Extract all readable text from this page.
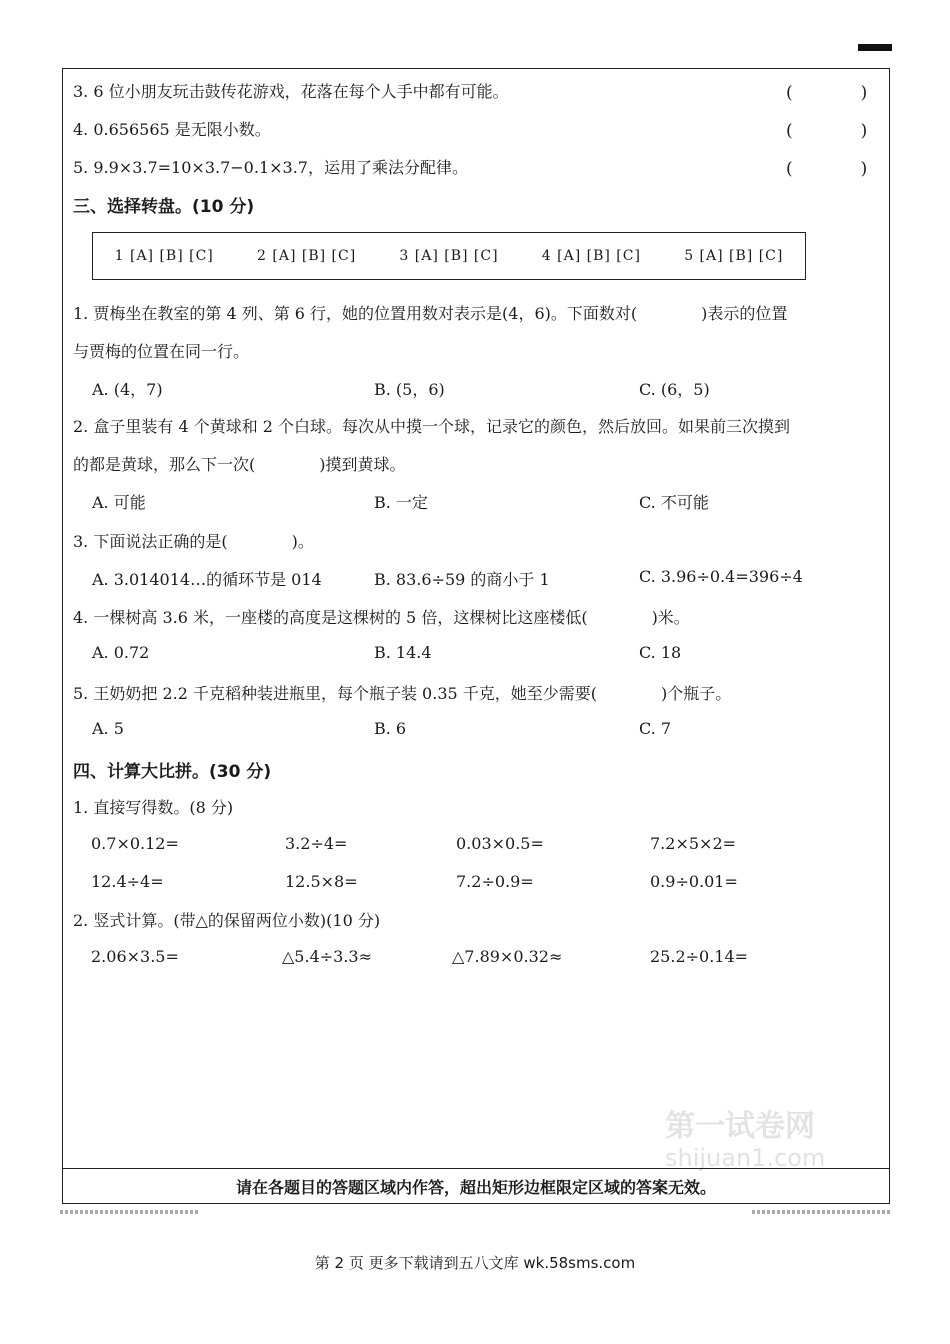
3. 6 位小朋友玩击鼓传花游戏，花落在每个人手中都有可能。	(　　　　)
4. 0.656565 是无限小数。	(　　　　)
5. 9.9×3.7=10×3.7−0.1×3.7，运用了乘法分配律。	(　　　　)
三、选择转盘。(10 分)
1 [A] [B] [C]	2 [A] [B] [C]	3 [A] [B] [C]	4 [A] [B] [C]	5 [A] [B] [C]
1. 贾梅坐在教室的第 4 列、第 6 行，她的位置用数对表示是(4，6)。下面数对(　　　　)表示的位置
与贾梅的位置在同一行。
A. (4，7)	B. (5，6)	C. (6，5)
2. 盒子里装有 4 个黄球和 2 个白球。每次从中摸一个球，记录它的颜色，然后放回。如果前三次摸到
的都是黄球，那么下一次(　　　　)摸到黄球。
A. 可能	B. 一定	C. 不可能
3. 下面说法正确的是(　　　　)。
A. 3.014014…的循环节是 014	B. 83.6÷59 的商小于 1	C. 3.96÷0.4=396÷4
4. 一棵树高 3.6 米，一座楼的高度是这棵树的 5 倍，这棵树比这座楼低(　　　　)米。
A. 0.72	B. 14.4	C. 18
5. 王奶奶把 2.2 千克稻种装进瓶里，每个瓶子装 0.35 千克，她至少需要(　　　　)个瓶子。
A. 5	B. 6	C. 7
四、计算大比拼。(30 分)
1. 直接写得数。(8 分)
0.7×0.12=	3.2÷4=	0.03×0.5=	7.2×5×2=
12.4÷4=	12.5×8=	7.2÷0.9=	0.9÷0.01=
2. 竖式计算。(带△的保留两位小数)(10 分)
2.06×3.5=	△5.4÷3.3≈	△7.89×0.32≈	25.2÷0.14=
第一试卷网
shijuan1.com
请在各题目的答题区域内作答，超出矩形边框限定区域的答案无效。
第 2 页 更多下载请到五八文库 wk.58sms.com
